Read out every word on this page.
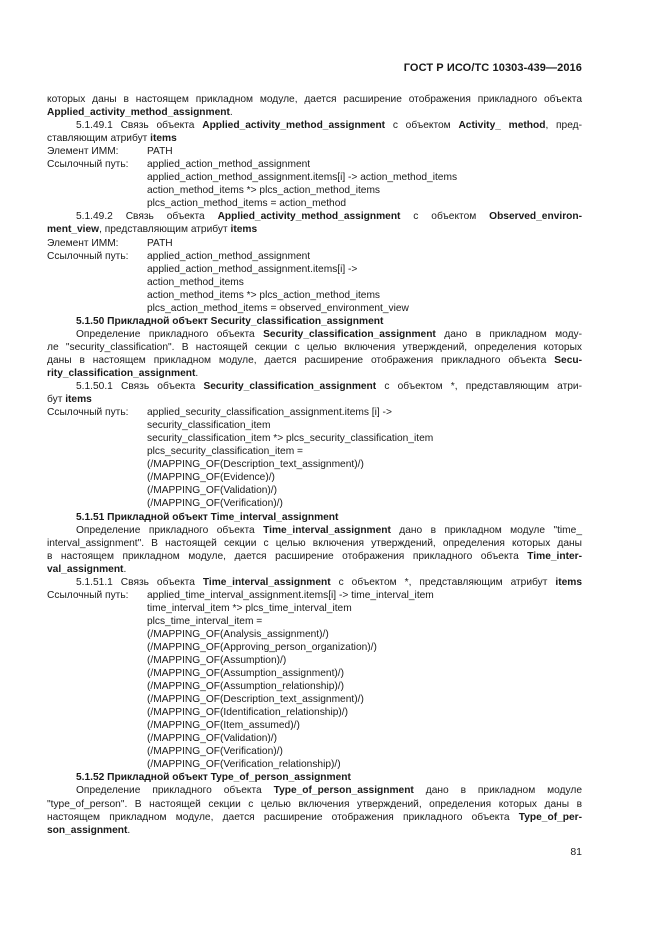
ГОСТ Р ИСО/ТС 10303-439—2016
которых даны в настоящем прикладном модуле, дается расширение отображения прикладного объекта
Applied_activity_method_assignment.
5.1.49.1 Связь объекта Applied_activity_method_assignment с объектом Activity_ method, пред-
ставляющим атрибут items
Элемент ИММ:	PATH
Ссылочный путь: applied_action_method_assignment
applied_action_method_assignment.items[i] -> action_method_items
action_method_items *> plcs_action_method_items
plcs_action_method_items = action_method
5.1.49.2 Связь объекта Applied_activity_method_assignment с объектом Observed_environ-
ment_view, представляющим атрибут items
Элемент ИММ:	PATH
Ссылочный путь: applied_action_method_assignment
applied_action_method_assignment.items[i] ->
action_method_items
action_method_items *> plcs_action_method_items
plcs_action_method_items = observed_environment_view
5.1.50 Прикладной объект Security_classification_assignment
Определение прикладного объекта Security_classification_assignment дано в прикладном моду-
ле "security_classification". В настоящей секции с целью включения утверждений, определения которых
даны в настоящем прикладном модуле, дается расширение отображения прикладного объекта Secu-
rity_classification_assignment.
5.1.50.1 Связь объекта Security_classification_assignment с объектом *, представляющим атри-
бут items
Ссылочный путь: applied_security_classification_assignment.items [i] ->
security_classification_item
security_classification_item *> plcs_security_classification_item
plcs_security_classification_item =
(/MAPPING_OF(Description_text_assignment)/)
(/MAPPING_OF(Evidence)/)
(/MAPPING_OF(Validation)/)
(/MAPPING_OF(Verification)/)
5.1.51 Прикладной объект Time_interval_assignment
Определение прикладного объекта Time_interval_assignment дано в прикладном модуле "time_
interval_assignment". В настоящей секции с целью включения утверждений, определения которых даны
в настоящем прикладном модуле, дается расширение отображения прикладного объекта Time_inter-
val_assignment.
5.1.51.1 Связь объекта Time_interval_assignment с объектом *, представляющим атрибут items
Ссылочный путь: applied_time_interval_assignment.items[i] -> time_interval_item
time_interval_item *> plcs_time_interval_item
plcs_time_interval_item =
(/MAPPING_OF(Analysis_assignment)/)
(/MAPPING_OF(Approving_person_organization)/)
(/MAPPING_OF(Assumption)/)
(/MAPPING_OF(Assumption_assignment)/)
(/MAPPING_OF(Assumption_relationship)/)
(/MAPPING_OF(Description_text_assignment)/)
(/MAPPING_OF(Identification_relationship)/)
(/MAPPING_OF(Item_assumed)/)
(/MAPPING_OF(Validation)/)
(/MAPPING_OF(Verification)/)
(/MAPPING_OF(Verification_relationship)/)
5.1.52 Прикладной объект Type_of_person_assignment
Определение прикладного объекта Type_of_person_assignment дано в прикладном модуле
"type_of_person". В настоящей секции с целью включения утверждений, определения которых даны в
настоящем прикладном модуле, дается расширение отображения прикладного объекта Type_of_per-
son_assignment.
81
